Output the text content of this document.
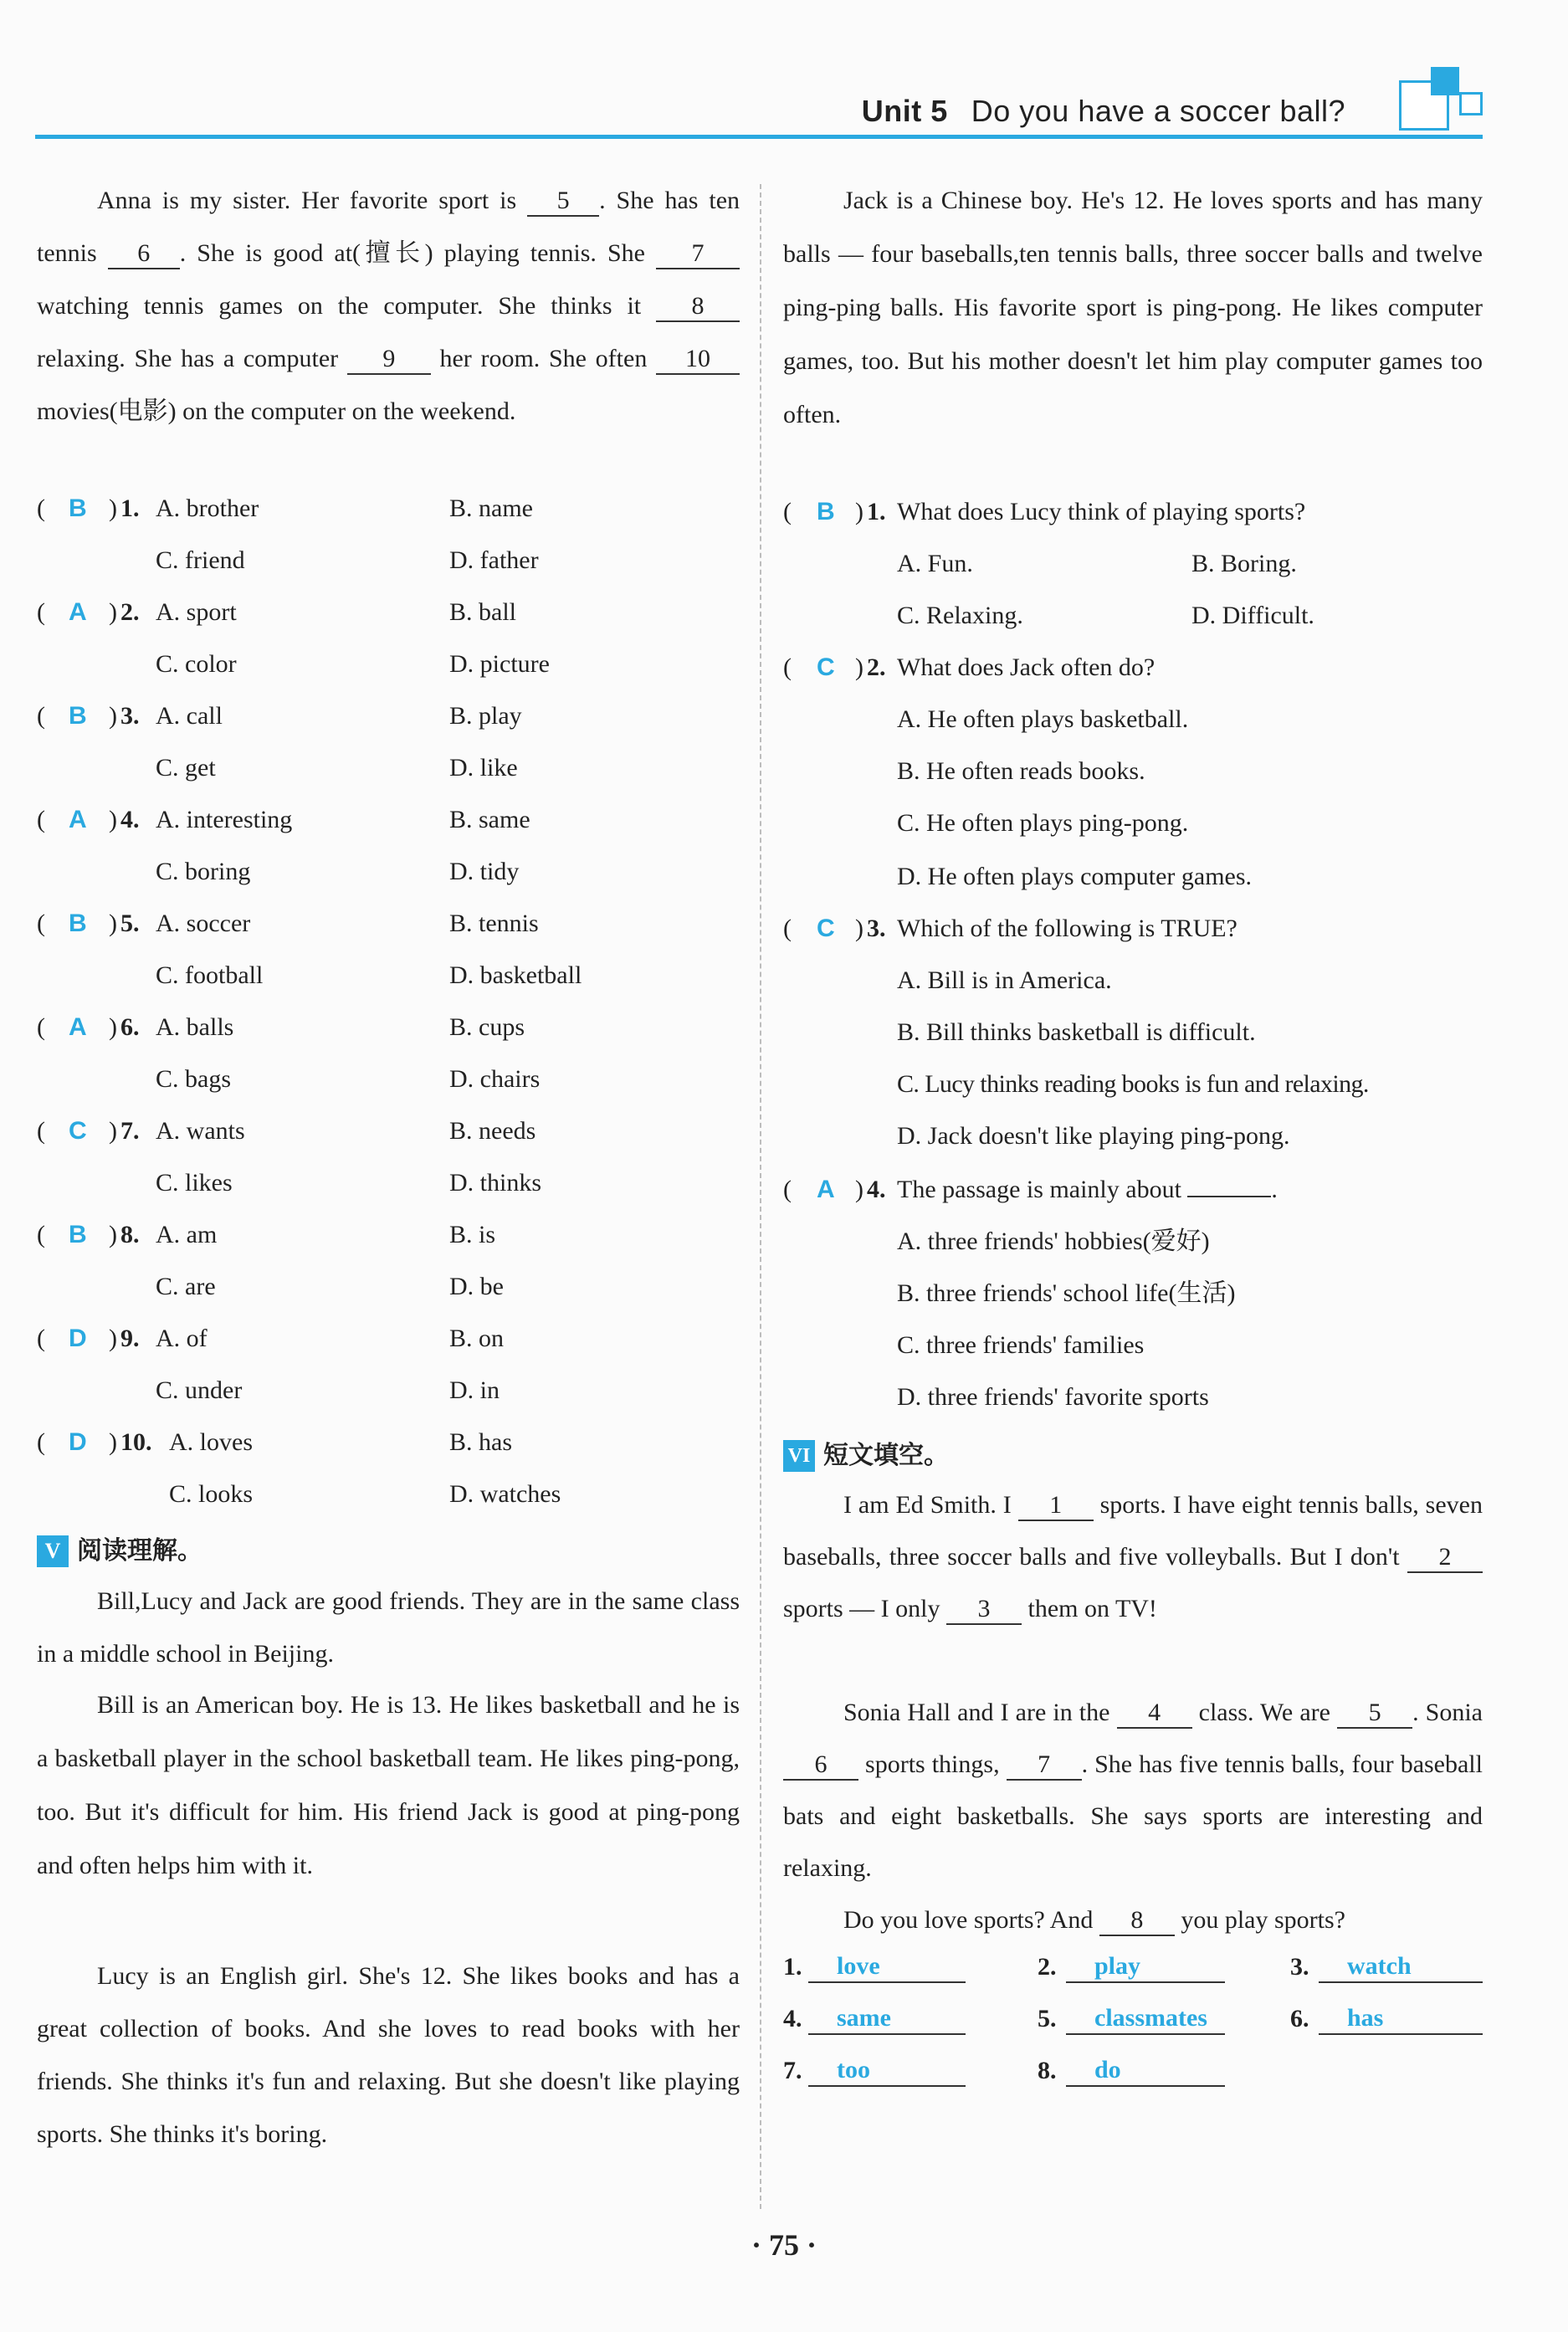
Unit 5 Do you have a soccer ball?
Anna is my sister. Her favorite sport is 5 . She has ten tennis 6 . She is good at(擅长) playing tennis. She 7 watching tennis games on the computer. She thinks it 8 relaxing. She has a computer 9 her room. She often 10 movies(电影) on the computer on the weekend.
( B ) 1. A. brother	B. name
C. friend	D. father
( A ) 2. A. sport	B. ball
C. color	D. picture
( B ) 3. A. call	B. play
C. get	D. like
( A ) 4. A. interesting	B. same
C. boring	D. tidy
( B ) 5. A. soccer	B. tennis
C. football	D. basketball
( A ) 6. A. balls	B. cups
C. bags	D. chairs
( C ) 7. A. wants	B. needs
C. likes	D. thinks
( B ) 8. A. am	B. is
C. are	D. be
( D ) 9. A. of	B. on
C. under	D. in
( D ) 10. A. loves	B. has
C. looks	D. watches
V 阅读理解。
Bill,Lucy and Jack are good friends. They are in the same class in a middle school in Beijing.
Bill is an American boy. He is 13. He likes basketball and he is a basketball player in the school basketball team. He likes ping-pong, too. But it's difficult for him. His friend Jack is good at ping-pong and often helps him with it.
Lucy is an English girl. She's 12. She likes books and has a great collection of books. And she loves to read books with her friends. She thinks it's fun and relaxing. But she doesn't like playing sports. She thinks it's boring.
Jack is a Chinese boy. He's 12. He loves sports and has many balls — four baseballs,ten tennis balls, three soccer balls and twelve ping-ping balls. His favorite sport is ping-pong. He likes computer games, too. But his mother doesn't let him play computer games too often.
( B ) 1. What does Lucy think of playing sports?
A. Fun.	B. Boring.
C. Relaxing.	D. Difficult.
( C ) 2. What does Jack often do?
A. He often plays basketball.
B. He often reads books.
C. He often plays ping-pong.
D. He often plays computer games.
( C ) 3. Which of the following is TRUE?
A. Bill is in America.
B. Bill thinks basketball is difficult.
C. Lucy thinks reading books is fun and relaxing.
D. Jack doesn't like playing ping-pong.
( A ) 4. The passage is mainly about	.
A. three friends' hobbies(爱好)
B. three friends' school life(生活)
C. three friends' families
D. three friends' favorite sports
VI 短文填空。
I am Ed Smith. I 1 sports. I have eight tennis balls, seven baseballs, three soccer balls and five volleyballs. But I don't 2 sports — I only 3 them on TV!
Sonia Hall and I are in the 4 class. We are 5 . Sonia 6 sports things, 7 . She has five tennis balls, four baseball bats and eight basketballs. She says sports are interesting and relaxing.
Do you love sports? And 8 you play sports?
1.	love	2.	play	3.	watch
4.	same	5.	classmates	6.	has
7.	too	8.	do
· 75 ·
